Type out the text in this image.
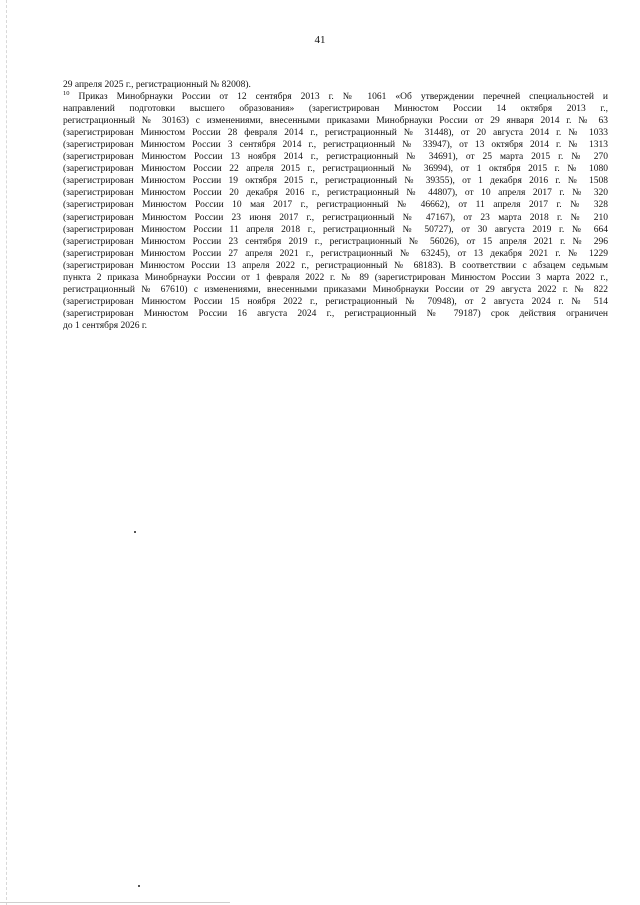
41
29 апреля 2025 г., регистрационный № 82008).
$^{10}$ Приказ Минобрнауки России от 12 сентября 2013 г. № 1061 «Об утверждении перечней специальностей и
направлений подготовки высшего образования» (зарегистрирован Минюстом России 14 октября 2013 г.,
регистрационный № 30163) с изменениями, внесенными приказами Минобрнауки России от 29 января 2014 г. № 63
(зарегистрирован Минюстом России 28 февраля 2014 г., регистрационный № 31448), от 20 августа 2014 г. № 1033
(зарегистрирован Минюстом России 3 сентября 2014 г., регистрационный № 33947), от 13 октября 2014 г. № 1313
(зарегистрирован Минюстом России 13 ноября 2014 г., регистрационный № 34691), от 25 марта 2015 г. № 270
(зарегистрирован Минюстом России 22 апреля 2015 г., регистрационный № 36994), от 1 октября 2015 г. № 1080
(зарегистрирован Минюстом России 19 октября 2015 г., регистрационный № 39355), от 1 декабря 2016 г. № 1508
(зарегистрирован Минюстом России 20 декабря 2016 г., регистрационный № 44807), от 10 апреля 2017 г. № 320
(зарегистрирован Минюстом России 10 мая 2017 г., регистрационный № 46662), от 11 апреля 2017 г. № 328
(зарегистрирован Минюстом России 23 июня 2017 г., регистрационный № 47167), от 23 марта 2018 г. № 210
(зарегистрирован Минюстом России 11 апреля 2018 г., регистрационный № 50727), от 30 августа 2019 г. № 664
(зарегистрирован Минюстом России 23 сентября 2019 г., регистрационный № 56026), от 15 апреля 2021 г. № 296
(зарегистрирован Минюстом России 27 апреля 2021 г., регистрационный № 63245), от 13 декабря 2021 г. № 1229
(зарегистрирован Минюстом России 13 апреля 2022 г., регистрационный № 68183). В соответствии с абзацем седьмым
пункта 2 приказа Минобрнауки России от 1 февраля 2022 г. № 89 (зарегистрирован Минюстом России 3 марта 2022 г.,
регистрационный № 67610) с изменениями, внесенными приказами Минобрнауки России от 29 августа 2022 г. № 822
(зарегистрирован Минюстом России 15 ноября 2022 г., регистрационный № 70948), от 2 августа 2024 г. № 514
(зарегистрирован Минюстом России 16 августа 2024 г., регистрационный № 79187) срок действия ограничен
до 1 сентября 2026 г.
